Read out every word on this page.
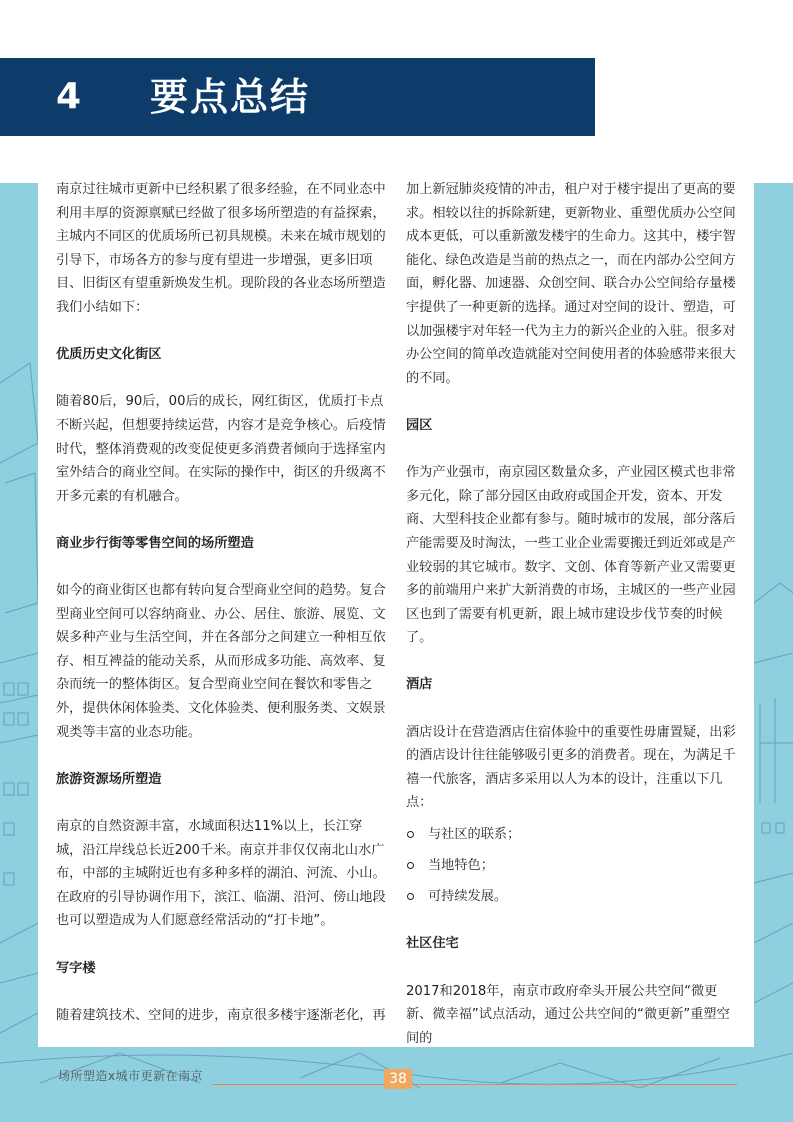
4 要点总结

南京过往城市更新中已经积累了很多经验，在不同业态中利用丰厚的资源禀赋已经做了很多场所塑造的有益探索，主城内不同区的优质场所已初具规模。未来在城市规划的引导下，市场各方的参与度有望进一步增强，更多旧项目、旧街区有望重新焕发生机。现阶段的各业态场所塑造我们小结如下：

优质历史文化街区

随着80后，90后，00后的成长，网红街区，优质打卡点不断兴起，但想要持续运营，内容才是竞争核心。后疫情时代，整体消费观的改变促使更多消费者倾向于选择室内室外结合的商业空间。在实际的操作中，街区的升级离不开多元素的有机融合。

商业步行街等零售空间的场所塑造

如今的商业街区也都有转向复合型商业空间的趋势。复合型商业空间可以容纳商业、办公、居住、旅游、展览、文娱多种产业与生活空间，并在各部分之间建立一种相互依存、相互裨益的能动关系，从而形成多功能、高效率、复杂而统一的整体街区。复合型商业空间在餐饮和零售之外，提供休闲体验类、文化体验类、便利服务类、文娱景观类等丰富的业态功能。

旅游资源场所塑造

南京的自然资源丰富，水域面积达11%以上，长江穿城，沿江岸线总长近200千米。南京并非仅仅南北山水广布，中部的主城附近也有多种多样的湖泊、河流、小山。在政府的引导协调作用下，滨江、临湖、沿河、傍山地段也可以塑造成为人们愿意经常活动的“打卡地”。

写字楼

随着建筑技术、空间的进步，南京很多楼宇逐渐老化，再

加上新冠肺炎疫情的冲击，租户对于楼宇提出了更高的要求。相较以往的拆除新建，更新物业、重塑优质办公空间成本更低，可以重新激发楼宇的生命力。这其中，楼宇智能化、绿色改造是当前的热点之一，而在内部办公空间方面，孵化器、加速器、众创空间、联合办公空间给存量楼宇提供了一种更新的选择。通过对空间的设计、塑造，可以加强楼宇对年轻一代为主力的新兴企业的入驻。很多对办公空间的简单改造就能对空间使用者的体验感带来很大的不同。

园区

作为产业强市，南京园区数量众多，产业园区模式也非常多元化，除了部分园区由政府或国企开发，资本、开发商、大型科技企业都有参与。随时城市的发展，部分落后产能需要及时淘汰，一些工业企业需要搬迁到近郊或是产业较弱的其它城市。数字、文创、体育等新产业又需要更多的前端用户来扩大新消费的市场，主城区的一些产业园区也到了需要有机更新，跟上城市建设步伐节奏的时候了。

酒店

酒店设计在营造酒店住宿体验中的重要性毋庸置疑，出彩的酒店设计往往能够吸引更多的消费者。现在，为满足千禧一代旅客，酒店多采用以人为本的设计，注重以下几点：

与社区的联系；
当地特色；
可持续发展。
社区住宅

2017和2018年，南京市政府牵头开展公共空间“微更新、微幸福”试点活动，通过公共空间的“微更新”重塑空间的

场所塑造x城市更新在南京	38
